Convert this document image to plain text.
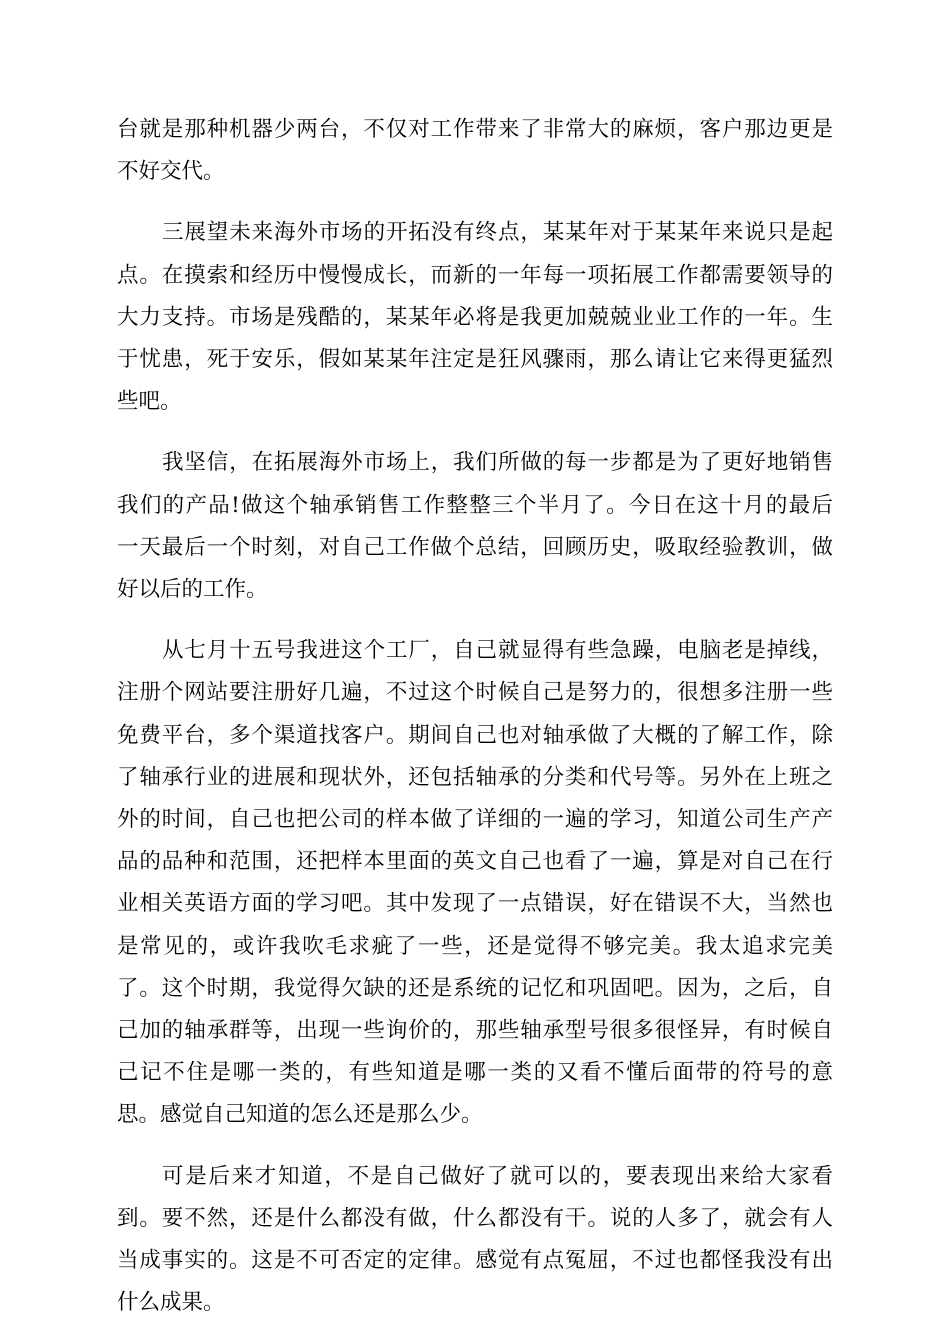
台就是那种机器少两台，不仅对工作带来了非常大的麻烦，客户那边更是
不好交代。
三展望未来海外市场的开拓没有终点，某某年对于某某年来说只是起
点。在摸索和经历中慢慢成长，而新的一年每一项拓展工作都需要领导的
大力支持。市场是残酷的，某某年必将是我更加兢兢业业工作的一年。生
于忧患，死于安乐，假如某某年注定是狂风骤雨，那么请让它来得更猛烈
些吧。
我坚信，在拓展海外市场上，我们所做的每一步都是为了更好地销售
我们的产品!做这个轴承销售工作整整三个半月了。今日在这十月的最后
一天最后一个时刻，对自己工作做个总结，回顾历史，吸取经验教训，做
好以后的工作。
从七月十五号我进这个工厂，自己就显得有些急躁，电脑老是掉线，
注册个网站要注册好几遍，不过这个时候自己是努力的，很想多注册一些
免费平台，多个渠道找客户。期间自己也对轴承做了大概的了解工作，除
了轴承行业的进展和现状外，还包括轴承的分类和代号等。另外在上班之
外的时间，自己也把公司的样本做了详细的一遍的学习，知道公司生产产
品的品种和范围，还把样本里面的英文自己也看了一遍，算是对自己在行
业相关英语方面的学习吧。其中发现了一点错误，好在错误不大，当然也
是常见的，或许我吹毛求疵了一些，还是觉得不够完美。我太追求完美
了。这个时期，我觉得欠缺的还是系统的记忆和巩固吧。因为，之后，自
己加的轴承群等，出现一些询价的，那些轴承型号很多很怪异，有时候自
己记不住是哪一类的，有些知道是哪一类的又看不懂后面带的符号的意
思。感觉自己知道的怎么还是那么少。
可是后来才知道，不是自己做好了就可以的，要表现出来给大家看
到。要不然，还是什么都没有做，什么都没有干。说的人多了，就会有人
当成事实的。这是不可否定的定律。感觉有点冤屈，不过也都怪我没有出
什么成果。
